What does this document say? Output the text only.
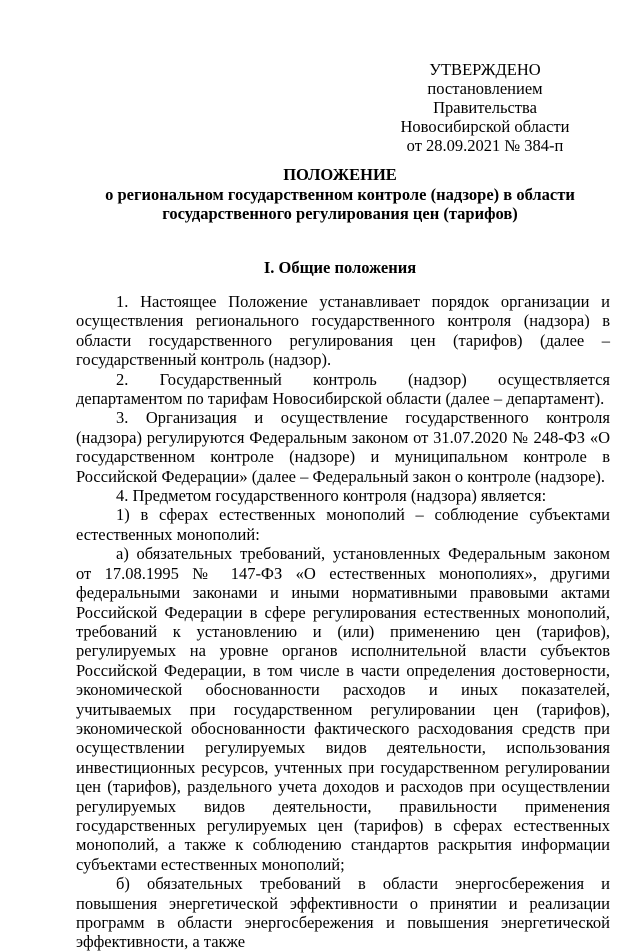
УТВЕРЖДЕНО
постановлением Правительства
Новосибирской области
от 28.09.2021 № 384-п
ПОЛОЖЕНИЕ
о региональном государственном контроле (надзоре) в области
государственного регулирования цен (тарифов)
I. Общие положения

1. Настоящее Положение устанавливает порядок организации и осуществления регионального государственного контроля (надзора) в области государственного регулирования цен (тарифов) (далее – государственный контроль (надзор).

2. Государственный контроль (надзор) осуществляется департаментом по тарифам Новосибирской области (далее – департамент).

3. Организация и осуществление государственного контроля (надзора) регулируются Федеральным законом от 31.07.2020 № 248-ФЗ «О государственном контроле (надзоре) и муниципальном контроле в Российской Федерации» (далее – Федеральный закон о контроле (надзоре).

4. Предметом государственного контроля (надзора) является:

1) в сферах естественных монополий – соблюдение субъектами естественных монополий:

а) обязательных требований, установленных Федеральным законом от 17.08.1995 № 147-ФЗ «О естественных монополиях», другими федеральными законами и иными нормативными правовыми актами Российской Федерации в сфере регулирования естественных монополий, требований к установлению и (или) применению цен (тарифов), регулируемых на уровне органов исполнительной власти субъектов Российской Федерации, в том числе в части определения достоверности, экономической обоснованности расходов и иных показателей, учитываемых при государственном регулировании цен (тарифов), экономической обоснованности фактического расходования средств при осуществлении регулируемых видов деятельности, использования инвестиционных ресурсов, учтенных при государственном регулировании цен (тарифов), раздельного учета доходов и расходов при осуществлении регулируемых видов деятельности, правильности применения государственных регулируемых цен (тарифов) в сферах естественных монополий, а также к соблюдению стандартов раскрытия информации субъектами естественных монополий;

б) обязательных требований в области энергосбережения и повышения энергетической эффективности о принятии и реализации программ в области энергосбережения и повышения энергетической эффективности, а также
